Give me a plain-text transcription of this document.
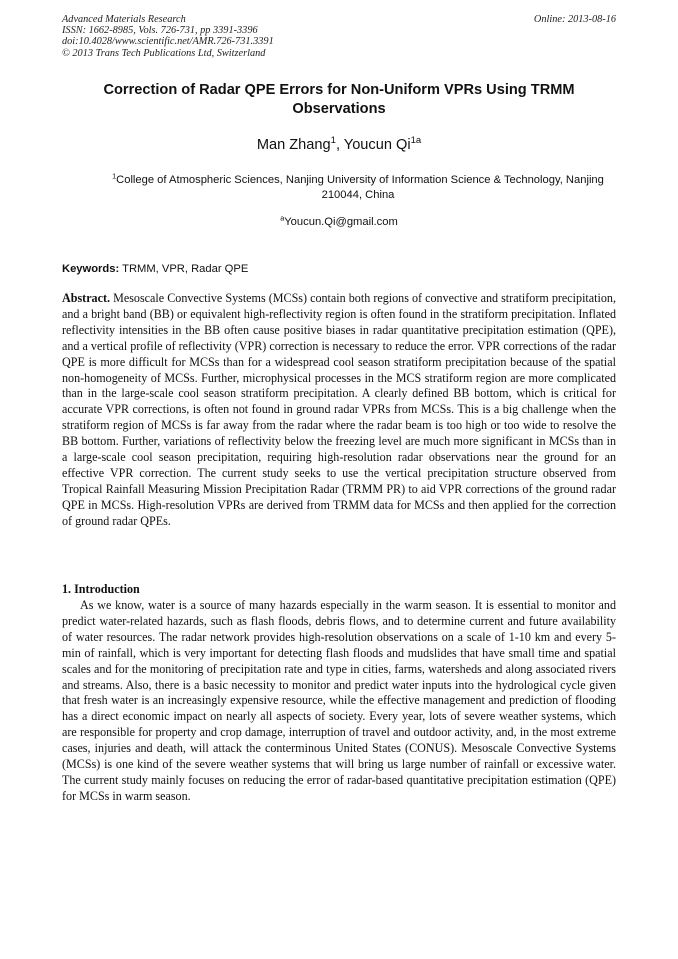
Advanced Materials Research
ISSN: 1662-8985, Vols. 726-731, pp 3391-3396
doi:10.4028/www.scientific.net/AMR.726-731.3391
© 2013 Trans Tech Publications Ltd, Switzerland
Online: 2013-08-16
Correction of Radar QPE Errors for Non-Uniform VPRs Using TRMM Observations
Man Zhang$^1$, Youcun $Qi^{1a}$
$^1$College of Atmospheric Sciences, Nanjing University of Information Science & Technology, Nanjing 210044, China
$^a$Youcun.Qi@gmail.com
Keywords: TRMM, VPR, Radar QPE
Abstract. Mesoscale Convective Systems (MCSs) contain both regions of convective and stratiform precipitation, and a bright band (BB) or equivalent high-reflectivity region is often found in the stratiform precipitation. Inflated reflectivity intensities in the BB often cause positive biases in radar quantitative precipitation estimation (QPE), and a vertical profile of reflectivity (VPR) correction is necessary to reduce the error. VPR corrections of the radar QPE is more difficult for MCSs than for a widespread cool season stratiform precipitation because of the spatial non-homogeneity of MCSs. Further, microphysical processes in the MCS stratiform region are more complicated than in the large-scale cool season stratiform precipitation. A clearly defined BB bottom, which is critical for accurate VPR corrections, is often not found in ground radar VPRs from MCSs. This is a big challenge when the stratiform region of MCSs is far away from the radar where the radar beam is too high or too wide to resolve the BB bottom. Further, variations of reflectivity below the freezing level are much more significant in MCSs than in a large-scale cool season precipitation, requiring high-resolution radar observations near the ground for an effective VPR correction. The current study seeks to use the vertical precipitation structure observed from Tropical Rainfall Measuring Mission Precipitation Radar (TRMM PR) to aid VPR corrections of the ground radar QPE in MCSs. High-resolution VPRs are derived from TRMM data for MCSs and then applied for the correction of ground radar QPEs.
1. Introduction
As we know, water is a source of many hazards especially in the warm season. It is essential to monitor and predict water-related hazards, such as flash floods, debris flows, and to determine current and future availability of water resources. The radar network provides high-resolution observations on a scale of 1-10 km and every 5-min of rainfall, which is very important for detecting flash floods and mudslides that have small time and spatial scales and for the monitoring of precipitation rate and type in cities, farms, watersheds and along associated rivers and streams. Also, there is a basic necessity to monitor and predict water inputs into the hydrological cycle given that fresh water is an increasingly expensive resource, while the effective management and prediction of flooding has a direct economic impact on nearly all aspects of society. Every year, lots of severe weather systems, which are responsible for property and crop damage, interruption of travel and outdoor activity, and, in the most extreme cases, injuries and death, will attack the conterminous United States (CONUS). Mesoscale Convective Systems (MCSs) is one kind of the severe weather systems that will bring us large number of rainfall or excessive water. The current study mainly focuses on reducing the error of radar-based quantitative precipitation estimation (QPE) for MCSs in warm season.
